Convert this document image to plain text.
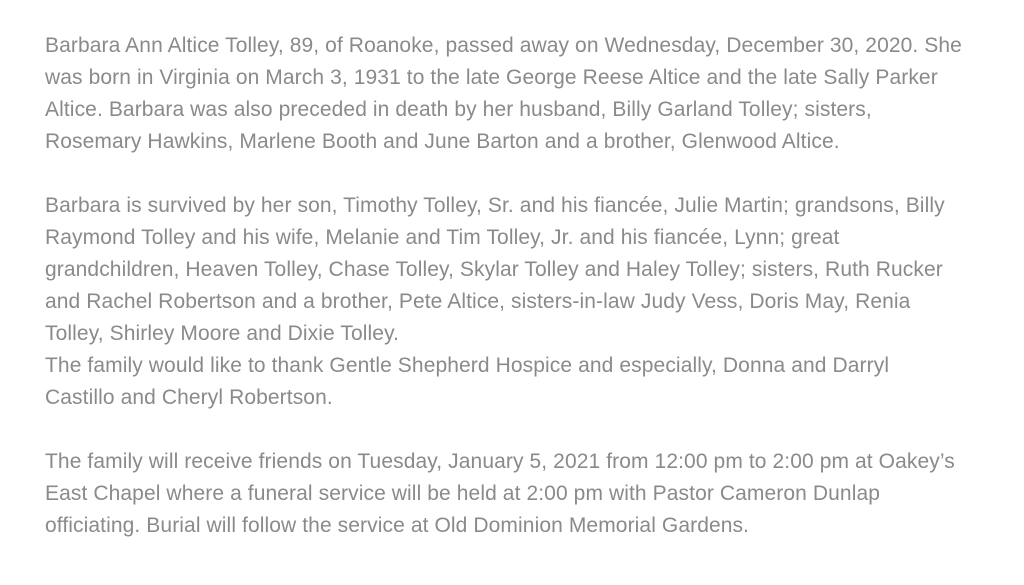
Barbara Ann Altice Tolley, 89, of Roanoke, passed away on Wednesday, December 30, 2020. She
was born in Virginia on March 3, 1931 to the late George Reese Altice and the late Sally Parker
Altice. Barbara was also preceded in death by her husband, Billy Garland Tolley; sisters,
Rosemary Hawkins, Marlene Booth and June Barton and a brother, Glenwood Altice.
Barbara is survived by her son, Timothy Tolley, Sr. and his fiancée, Julie Martin; grandsons, Billy
Raymond Tolley and his wife, Melanie and Tim Tolley, Jr. and his fiancée, Lynn; great
grandchildren, Heaven Tolley, Chase Tolley, Skylar Tolley and Haley Tolley; sisters, Ruth Rucker
and Rachel Robertson and a brother, Pete Altice, sisters-in-law Judy Vess, Doris May, Renia
Tolley, Shirley Moore and Dixie Tolley.
The family would like to thank Gentle Shepherd Hospice and especially, Donna and Darryl
Castillo and Cheryl Robertson.
The family will receive friends on Tuesday, January 5, 2021 from 12:00 pm to 2:00 pm at Oakey’s
East Chapel where a funeral service will be held at 2:00 pm with Pastor Cameron Dunlap
officiating. Burial will follow the service at Old Dominion Memorial Gardens.
